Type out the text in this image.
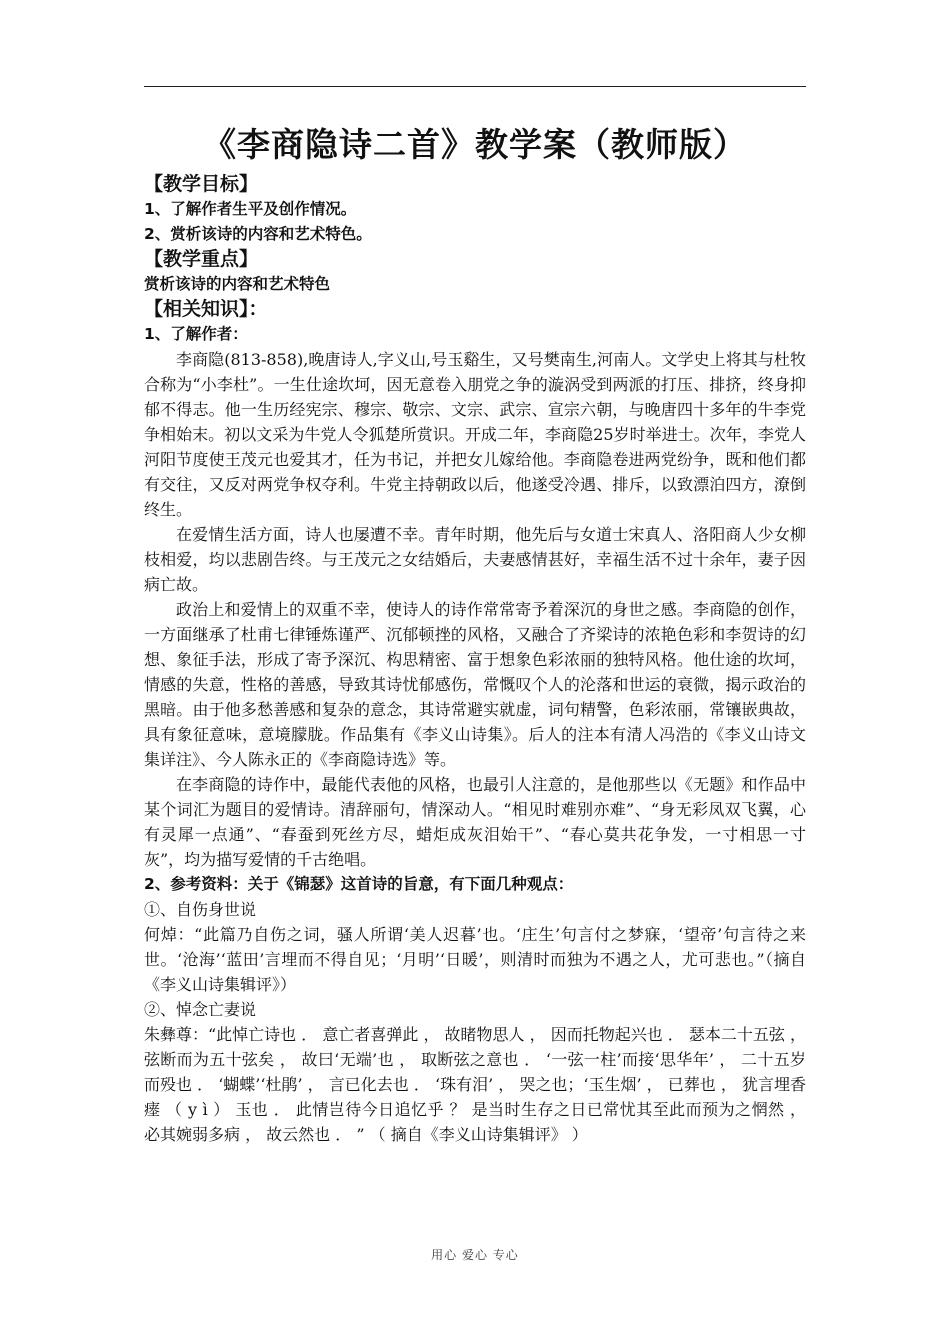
《李商隐诗二首》教学案（教师版）
【教学目标】
1、了解作者生平及创作情况。
2、赏析该诗的内容和艺术特色。
【教学重点】
赏析该诗的内容和艺术特色
【相关知识】：
1、了解作者：

李商隐(813-858),晚唐诗人,字义山,号玉谿生，又号樊南生,河南人。文学史上将其与杜牧合称为“小李杜”。一生仕途坎坷，因无意卷入朋党之争的漩涡受到两派的打压、排挤，终身抑郁不得志。他一生历经宪宗、穆宗、敬宗、文宗、武宗、宣宗六朝，与晚唐四十多年的牛李党争相始末。初以文采为牛党人令狐楚所赏识。开成二年，李商隐25岁时举进士。次年，李党人河阳节度使王茂元也爱其才，任为书记，并把女儿嫁给他。李商隐卷进两党纷争，既和他们都有交往，又反对两党争权夺利。牛党主持朝政以后，他遂受冷遇、排斥，以致漂泊四方，潦倒终生。

在爱情生活方面，诗人也屡遭不幸。青年时期，他先后与女道士宋真人、洛阳商人少女柳枝相爱，均以悲剧告终。与王茂元之女结婚后，夫妻感情甚好，幸福生活不过十余年，妻子因病亡故。

政治上和爱情上的双重不幸，使诗人的诗作常常寄予着深沉的身世之感。李商隐的创作，一方面继承了杜甫七律锤炼谨严、沉郁顿挫的风格，又融合了齐梁诗的浓艳色彩和李贺诗的幻想、象征手法，形成了寄予深沉、构思精密、富于想象色彩浓丽的独特风格。他仕途的坎坷，情感的失意，性格的善感，导致其诗忧郁感伤，常慨叹个人的沦落和世运的衰微，揭示政治的黑暗。由于他多愁善感和复杂的意念，其诗常避实就虚，词句精警，色彩浓丽，常镶嵌典故，具有象征意味，意境朦胧。作品集有《李义山诗集》。后人的注本有清人冯浩的《李义山诗文集详注》、今人陈永正的《李商隐诗选》等。

在李商隐的诗作中，最能代表他的风格，也最引人注意的，是他那些以《无题》和作品中某个词汇为题目的爱情诗。清辞丽句，情深动人。“相见时难别亦难”、“身无彩凤双飞翼，心有灵犀一点通”、“春蚕到死丝方尽，蜡炬成灰泪始干”、“春心莫共花争发，一寸相思一寸灰”，均为描写爱情的千古绝唱。

2、参考资料：关于《锦瑟》这首诗的旨意，有下面几种观点：
①、自伤身世说

何焯：“此篇乃自伤之词，骚人所谓‘美人迟暮’也。‘庄生’句言付之梦寐，‘望帝’句言待之来世。‘沧海’‘蓝田’言埋而不得自见；‘月明’‘日暖’，则清时而独为不遇之人，尤可悲也。”（摘自《李义山诗集辑评》）

②、悼念亡妻说

朱彝尊：“此悼亡诗也 ． 意亡者喜弹此 ， 故睹物思人 ， 因而托物起兴也 ． 瑟本二十五弦 ， 弦断而为五十弦矣 ， 故曰‘无端’也 ， 取断弦之意也 ． ‘一弦一柱’而接‘思华年’ ， 二十五岁而殁也 ． ‘蝴蝶’‘杜鹃’ ， 言已化去也 ． ‘珠有泪’ ， 哭之也；‘玉生烟’ ， 已葬也 ， 犹言埋香瘗 （ y ì ） 玉也 ． 此情岂待今日追忆乎 ？ 是当时生存之日已常忧其至此而预为之惘然 ， 必其婉弱多病 ， 故云然也 ． ” （ 摘自《李义山诗集辑评》 ）

用心 爱心 专心
